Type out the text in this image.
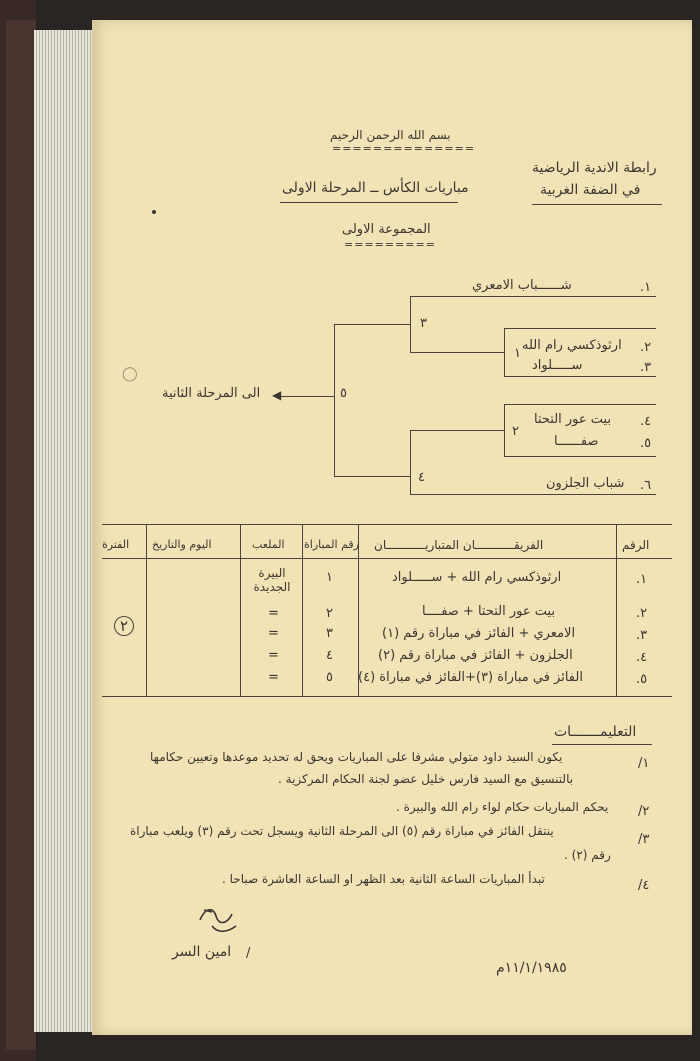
بسم الله الرحمن الرحيم
==============
رابطة الاندية الرياضية
في الضفة الغربية
مباريات الكأس ــ المرحلة الاولى
المجموعة الاولى
=========
١.
شــــــباب الامعري
٢.
ارثوذكسي رام الله
٣.
ســـــلواد
١
٣
٤.
بيت عور التحتا
٥.
صفــــــا
٢
٦.
شباب الجلزون
٤
٥
◀
الى المرحلة الثانية
◯
الرقم
الفريقـــــــــــان المتباريـــــــــــان
رقم المباراة
الملعب
اليوم والتاريخ
الفترة
١.
ارثوذكسي رام الله + ســـــلواد
١
البيرة الجديدة
٢.
بيت عور التحتا + صفــــا
٢
=
٣.
الامعري + الفائز في مباراة رقم (١)
٣
=
٤.
الجلزون + الفائز في مباراة رقم (٢)
٤
=
٥.
الفائز في مباراة (٣)+الفائز في مباراة (٤)
٥
=
٢
التعليمـــــــات
١/
يكون السيد داود متولي مشرفا على المباريات ويحق له تحديد موعدها وتعيين حكامها
بالتنسيق مع السيد فارس خليل عضو لجنة الحكام المركزية .
٢/
يحكم المباريات حكام لواء رام الله والبيرة .
٣/
ينتقل الفائز في مباراة رقم (٥) الى المرحلة الثانية ويسجل تحت رقم (٣) ويلعب مباراة
رقم (٢) .
٤/
تبدأ المباريات الساعة الثانية بعد الظهر او الساعة العاشرة صباحا .
/
امين السر
١١/١/١٩٨٥م
